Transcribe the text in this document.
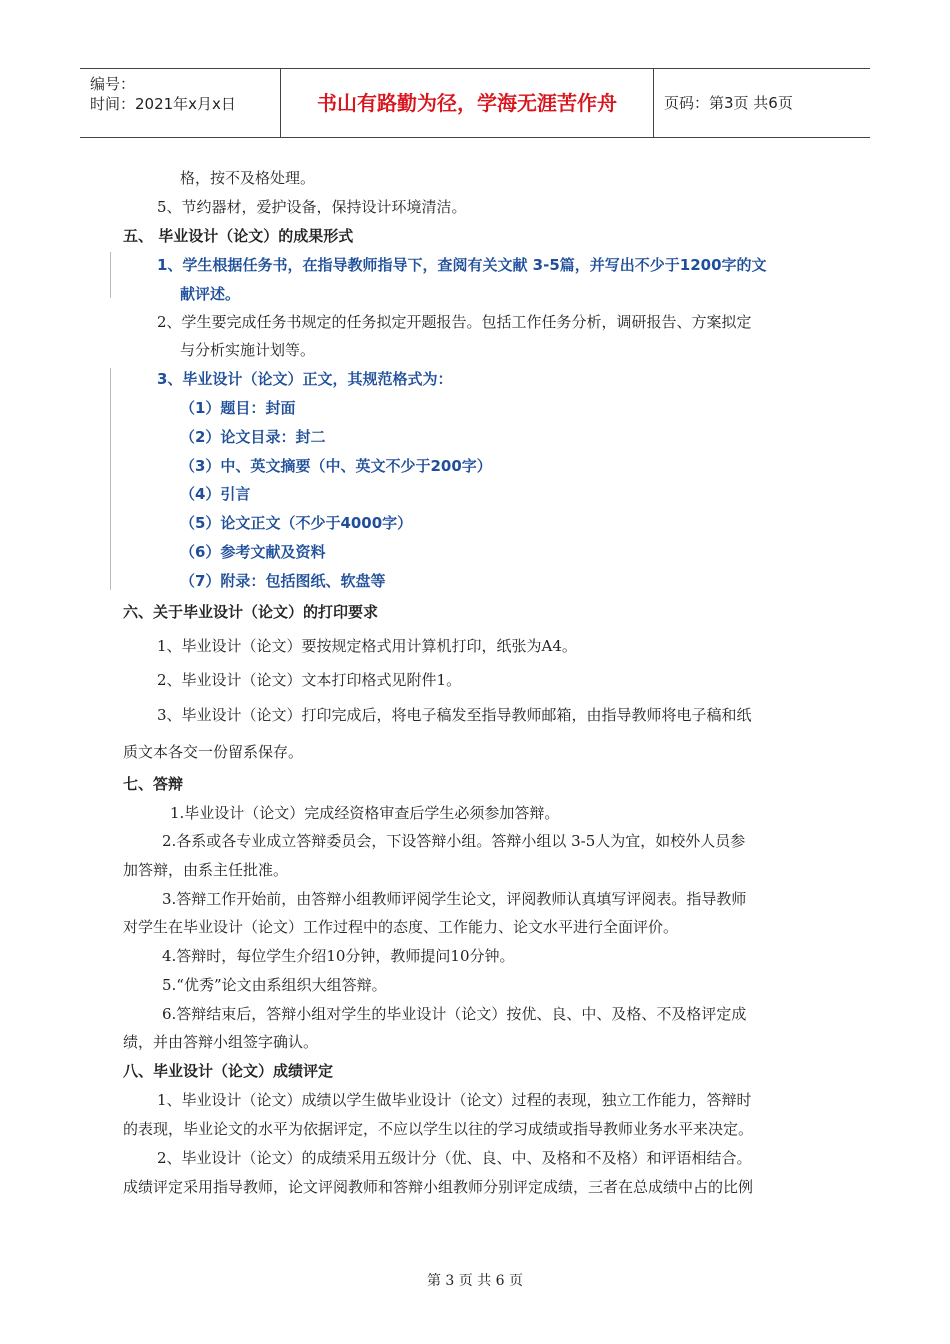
编号：
时间：2021年x月x日	书山有路勤为径，学海无涯苦作舟	页码：第3页 共6页
格，按不及格处理。
5、节约器材，爱护设备，保持设计环境清洁。
五、 毕业设计（论文）的成果形式
1、学生根据任务书，在指导教师指导下，查阅有关文献 3-5篇，并写出不少于1200字的文
献评述。
2、学生要完成任务书规定的任务拟定开题报告。包括工作任务分析，调研报告、方案拟定
与分析实施计划等。
3、毕业设计（论文）正文，其规范格式为：
（1）题目：封面
（2）论文目录：封二
（3）中、英文摘要（中、英文不少于200字）
（4）引言
（5）论文正文（不少于4000字）
（6）参考文献及资料
（7）附录：包括图纸、软盘等
六、关于毕业设计（论文）的打印要求
1、毕业设计（论文）要按规定格式用计算机打印，纸张为A4。
2、毕业设计（论文）文本打印格式见附件1。
3、毕业设计（论文）打印完成后，将电子稿发至指导教师邮箱，由指导教师将电子稿和纸
质文本各交一份留系保存。
七、答辩
1.毕业设计（论文）完成经资格审查后学生必须参加答辩。
2.各系或各专业成立答辩委员会，下设答辩小组。答辩小组以 3-5人为宜，如校外人员参
加答辩，由系主任批准。
3.答辩工作开始前，由答辩小组教师评阅学生论文，评阅教师认真填写评阅表。指导教师
对学生在毕业设计（论文）工作过程中的态度、工作能力、论文水平进行全面评价。
4.答辩时，每位学生介绍10分钟，教师提问10分钟。
5.“优秀”论文由系组织大组答辩。
6.答辩结束后，答辩小组对学生的毕业设计（论文）按优、良、中、及格、不及格评定成
绩，并由答辩小组签字确认。
八、毕业设计（论文）成绩评定
1、毕业设计（论文）成绩以学生做毕业设计（论文）过程的表现，独立工作能力，答辩时
的表现，毕业论文的水平为依据评定，不应以学生以往的学习成绩或指导教师业务水平来决定。
2、毕业设计（论文）的成绩采用五级计分（优、良、中、及格和不及格）和评语相结合。
成绩评定采用指导教师，论文评阅教师和答辩小组教师分别评定成绩，三者在总成绩中占的比例
第 3 页 共 6 页
